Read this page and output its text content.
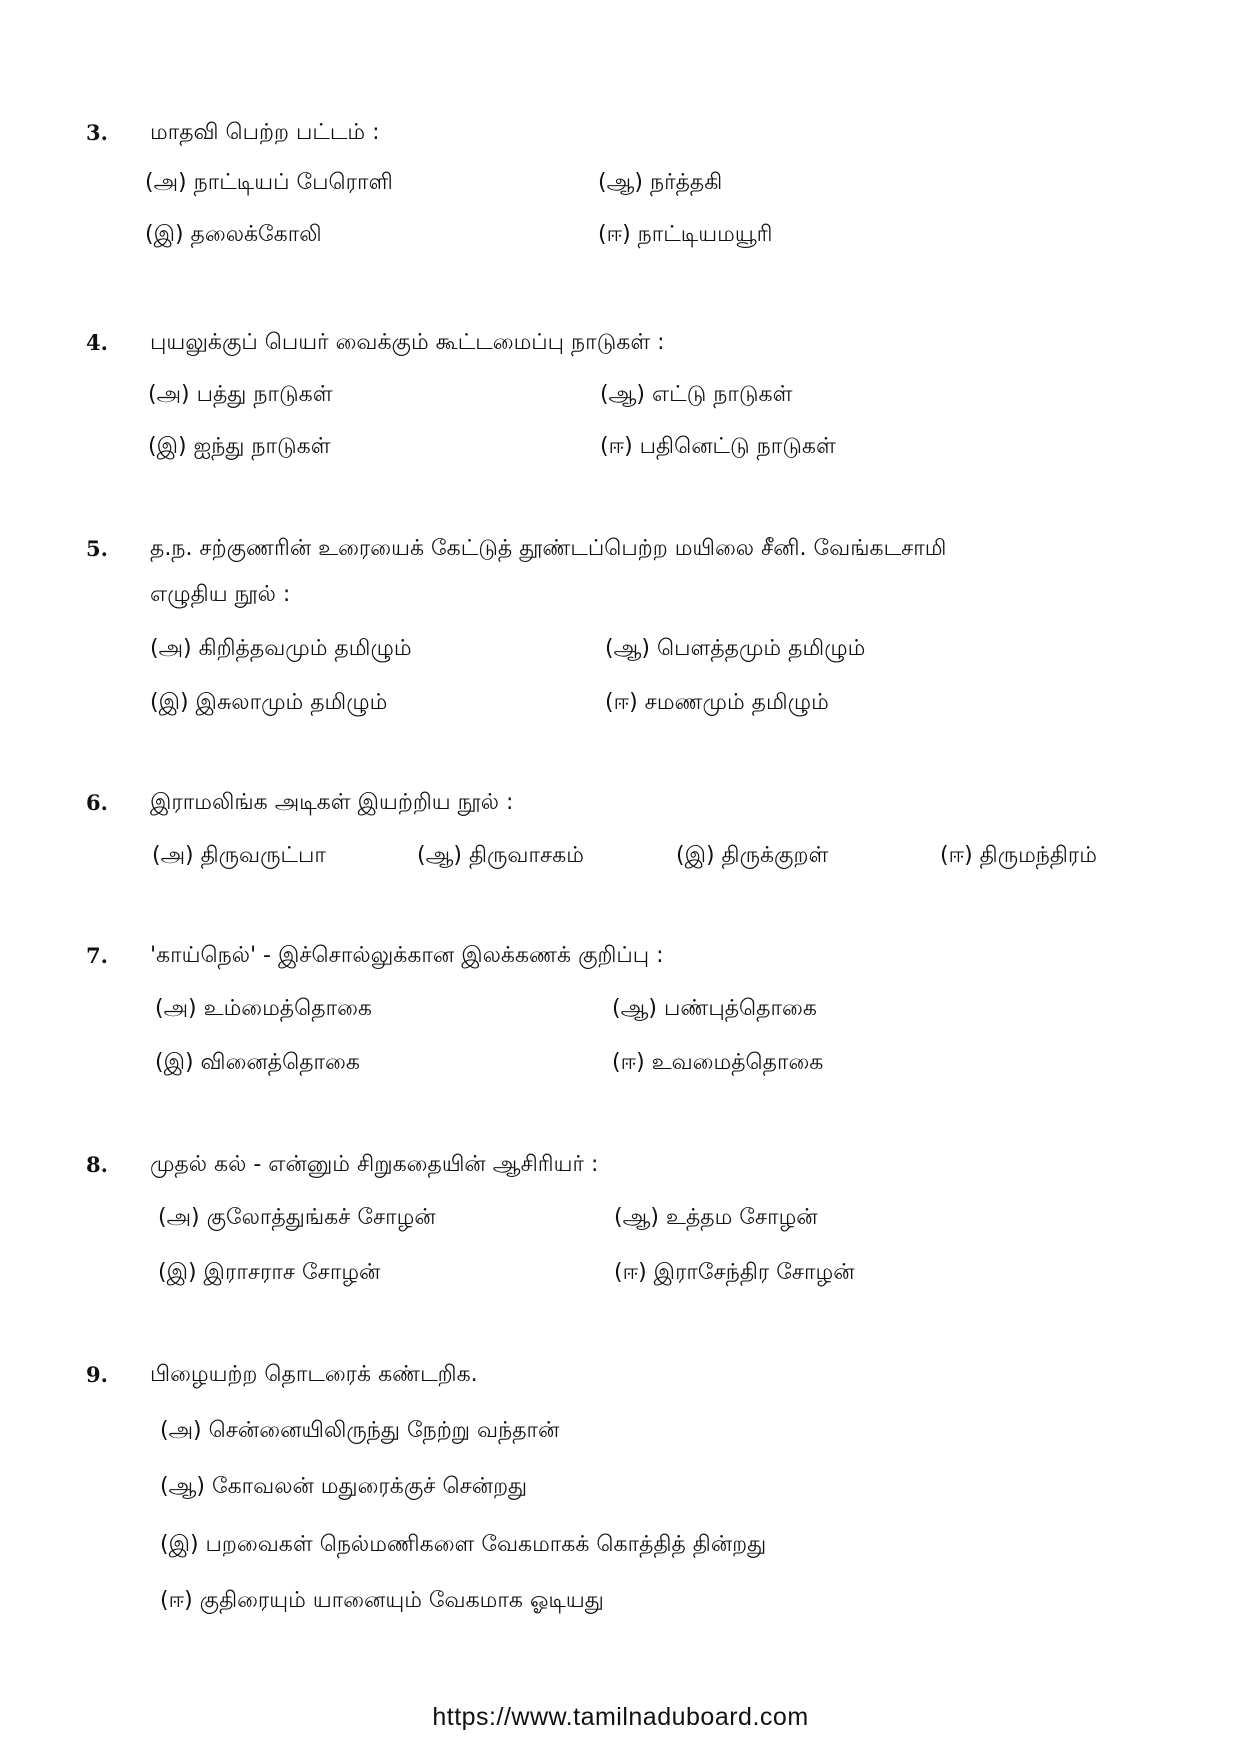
3. மாதவி பெற்ற பட்டம் :
(அ) நாட்டியப் பேரொளி	(ஆ) நர்த்தகி
(இ) தலைக்கோலி	(ஈ) நாட்டியமயூரி
4. புயலுக்குப் பெயர் வைக்கும் கூட்டமைப்பு நாடுகள் :
(அ) பத்து நாடுகள்	(ஆ) எட்டு நாடுகள்
(இ) ஐந்து நாடுகள்	(ஈ) பதினெட்டு நாடுகள்
5. த.ந. சற்குணரின் உரையைக் கேட்டுத் தூண்டப்பெற்ற மயிலை சீனி. வேங்கடசாமி
எழுதிய நூல் :
(அ) கிறித்தவமும் தமிழும்	(ஆ) பௌத்தமும் தமிழும்
(இ) இசுலாமும் தமிழும்	(ஈ) சமணமும் தமிழும்
6. இராமலிங்க அடிகள் இயற்றிய நூல் :
(அ) திருவருட்பா	(ஆ) திருவாசகம்	(இ) திருக்குறள்	(ஈ) திருமந்திரம்
7. 'காய்நெல்' - இச்சொல்லுக்கான இலக்கணக் குறிப்பு :
(அ) உம்மைத்தொகை	(ஆ) பண்புத்தொகை
(இ) வினைத்தொகை	(ஈ) உவமைத்தொகை
8. முதல் கல் - என்னும் சிறுகதையின் ஆசிரியர் :
(அ) குலோத்துங்கச் சோழன்	(ஆ) உத்தம சோழன்
(இ) இராசராச சோழன்	(ஈ) இராசேந்திர சோழன்
9. பிழையற்ற தொடரைக் கண்டறிக.
(அ) சென்னையிலிருந்து நேற்று வந்தான்
(ஆ) கோவலன் மதுரைக்குச் சென்றது
(இ) பறவைகள் நெல்மணிகளை வேகமாகக் கொத்தித் தின்றது
(ஈ) குதிரையும் யானையும் வேகமாக ஓடியது
https://www.tamilnaduboard.com
